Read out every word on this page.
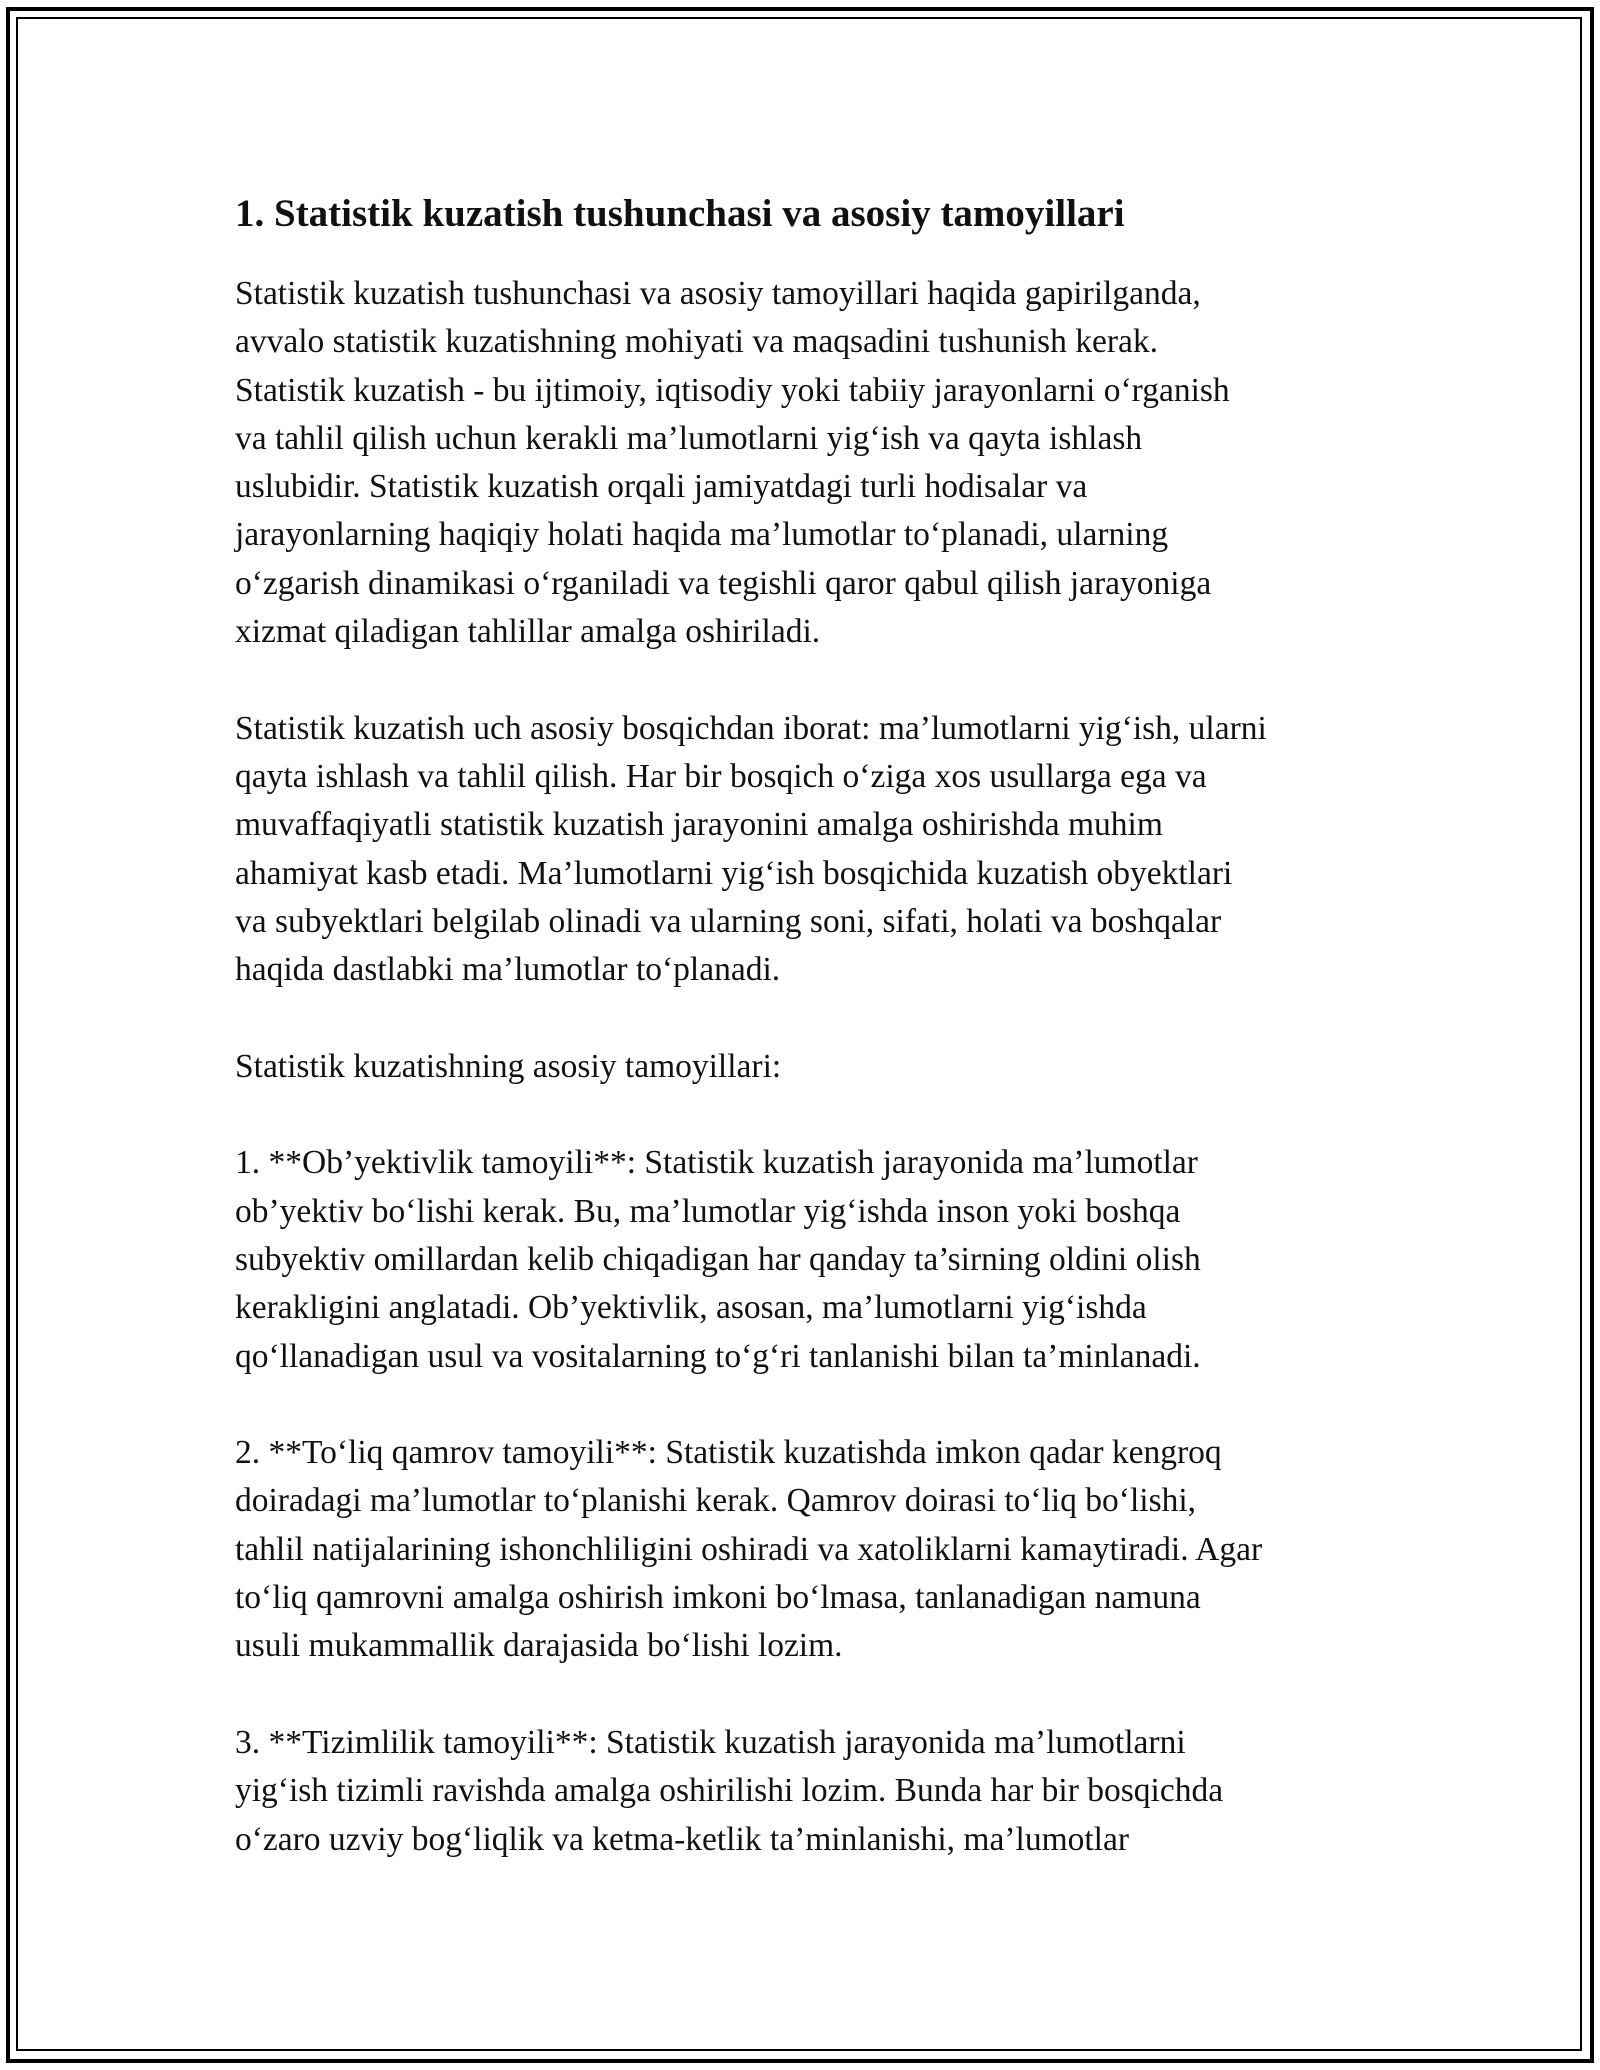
1. Statistik kuzatish tushunchasi va asosiy tamoyillari
Statistik kuzatish tushunchasi va asosiy tamoyillari haqida gapirilganda,
avvalo statistik kuzatishning mohiyati va maqsadini tushunish kerak.
Statistik kuzatish - bu ijtimoiy, iqtisodiy yoki tabiiy jarayonlarni o‘rganish
va tahlil qilish uchun kerakli ma’lumotlarni yig‘ish va qayta ishlash
uslubidir. Statistik kuzatish orqali jamiyatdagi turli hodisalar va
jarayonlarning haqiqiy holati haqida ma’lumotlar to‘planadi, ularning
o‘zgarish dinamikasi o‘rganiladi va tegishli qaror qabul qilish jarayoniga
xizmat qiladigan tahlillar amalga oshiriladi.
Statistik kuzatish uch asosiy bosqichdan iborat: ma’lumotlarni yig‘ish, ularni
qayta ishlash va tahlil qilish. Har bir bosqich o‘ziga xos usullarga ega va
muvaffaqiyatli statistik kuzatish jarayonini amalga oshirishda muhim
ahamiyat kasb etadi. Ma’lumotlarni yig‘ish bosqichida kuzatish obyektlari
va subyektlari belgilab olinadi va ularning soni, sifati, holati va boshqalar
haqida dastlabki ma’lumotlar to‘planadi.
Statistik kuzatishning asosiy tamoyillari:
1. **Ob’yektivlik tamoyili**: Statistik kuzatish jarayonida ma’lumotlar
ob’yektiv bo‘lishi kerak. Bu, ma’lumotlar yig‘ishda inson yoki boshqa
subyektiv omillardan kelib chiqadigan har qanday ta’sirning oldini olish
kerakligini anglatadi. Ob’yektivlik, asosan, ma’lumotlarni yig‘ishda
qo‘llanadigan usul va vositalarning to‘g‘ri tanlanishi bilan ta’minlanadi.
2. **To‘liq qamrov tamoyili**: Statistik kuzatishda imkon qadar kengroq
doiradagi ma’lumotlar to‘planishi kerak. Qamrov doirasi to‘liq bo‘lishi,
tahlil natijalarining ishonchliligini oshiradi va xatoliklarni kamaytiradi. Agar
to‘liq qamrovni amalga oshirish imkoni bo‘lmasa, tanlanadigan namuna
usuli mukammallik darajasida bo‘lishi lozim.
3. **Tizimlilik tamoyili**: Statistik kuzatish jarayonida ma’lumotlarni
yig‘ish tizimli ravishda amalga oshirilishi lozim. Bunda har bir bosqichda
o‘zaro uzviy bog‘liqlik va ketma-ketlik ta’minlanishi, ma’lumotlar
